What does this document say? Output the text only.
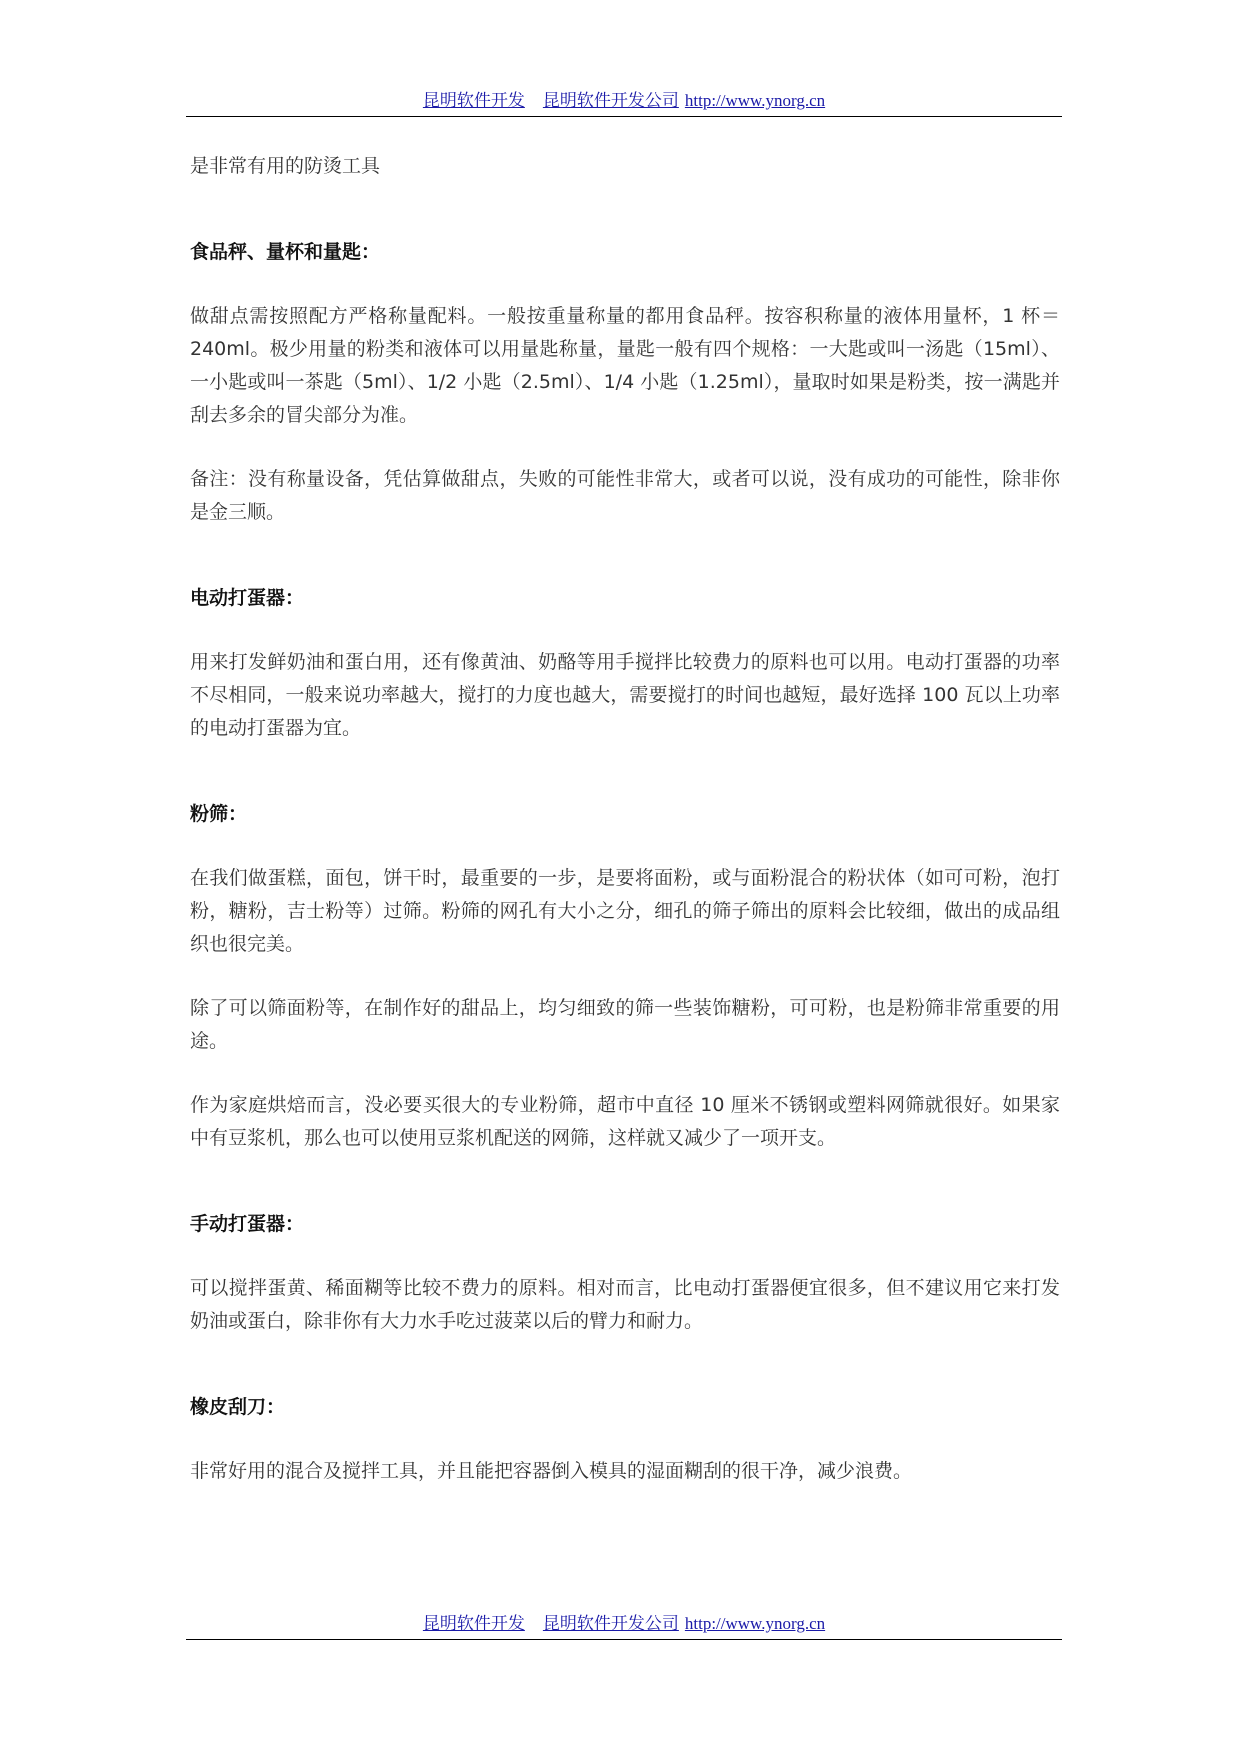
昆明软件开发 昆明软件开发公司 http://www.ynorg.cn

是非常有用的防烫工具

食品秤、量杯和量匙：

做甜点需按照配方严格称量配料。一般按重量称量的都用食品秤。按容积称量的液体用量杯，1 杯＝240ml。极少用量的粉类和液体可以用量匙称量，量匙一般有四个规格：一大匙或叫一汤匙（15ml）、一小匙或叫一茶匙（5ml）、1/2 小匙（2.5ml）、1/4 小匙（1.25ml），量取时如果是粉类，按一满匙并刮去多余的冒尖部分为准。

备注：没有称量设备，凭估算做甜点，失败的可能性非常大，或者可以说，没有成功的可能性，除非你是金三顺。

电动打蛋器：

用来打发鲜奶油和蛋白用，还有像黄油、奶酪等用手搅拌比较费力的原料也可以用。电动打蛋器的功率不尽相同，一般来说功率越大，搅打的力度也越大，需要搅打的时间也越短，最好选择 100 瓦以上功率的电动打蛋器为宜。

粉筛：

在我们做蛋糕，面包，饼干时，最重要的一步，是要将面粉，或与面粉混合的粉状体（如可可粉，泡打粉，糖粉，吉士粉等）过筛。粉筛的网孔有大小之分，细孔的筛子筛出的原料会比较细，做出的成品组织也很完美。

除了可以筛面粉等，在制作好的甜品上，均匀细致的筛一些装饰糖粉，可可粉，也是粉筛非常重要的用途。

作为家庭烘焙而言，没必要买很大的专业粉筛，超市中直径 10 厘米不锈钢或塑料网筛就很好。如果家中有豆浆机，那么也可以使用豆浆机配送的网筛，这样就又减少了一项开支。

手动打蛋器：

可以搅拌蛋黄、稀面糊等比较不费力的原料。相对而言，比电动打蛋器便宜很多，但不建议用它来打发奶油或蛋白，除非你有大力水手吃过菠菜以后的臂力和耐力。

橡皮刮刀：

非常好用的混合及搅拌工具，并且能把容器倒入模具的湿面糊刮的很干净，减少浪费。

昆明软件开发 昆明软件开发公司 http://www.ynorg.cn
